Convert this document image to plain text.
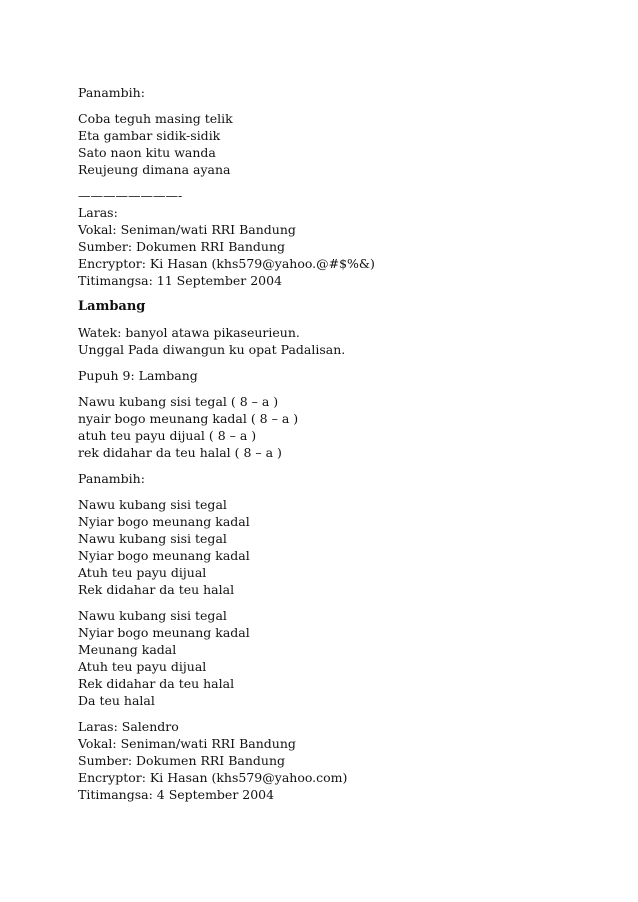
Panambih:
Coba teguh masing telik
Eta gambar sidik-sidik
Sato naon kitu wanda
Reujeung dimana ayana
————————-
Laras:
Vokal: Seniman/wati RRI Bandung
Sumber: Dokumen RRI Bandung
Encryptor: Ki Hasan (khs579@yahoo.@#$%&)
Titimangsa: 11 September 2004
Lambang
Watek: banyol atawa pikaseurieun.
Unggal Pada diwangun ku opat Padalisan.
Pupuh 9: Lambang
Nawu kubang sisi tegal ( 8 – a )
nyair bogo meunang kadal ( 8 – a )
atuh teu payu dijual ( 8 – a )
rek didahar da teu halal ( 8 – a )
Panambih:
Nawu kubang sisi tegal
Nyiar bogo meunang kadal
Nawu kubang sisi tegal
Nyiar bogo meunang kadal
Atuh teu payu dijual
Rek didahar da teu halal
Nawu kubang sisi tegal
Nyiar bogo meunang kadal
Meunang kadal
Atuh teu payu dijual
Rek didahar da teu halal
Da teu halal
Laras: Salendro
Vokal: Seniman/wati RRI Bandung
Sumber: Dokumen RRI Bandung
Encryptor: Ki Hasan (khs579@yahoo.com)
Titimangsa: 4 September 2004
